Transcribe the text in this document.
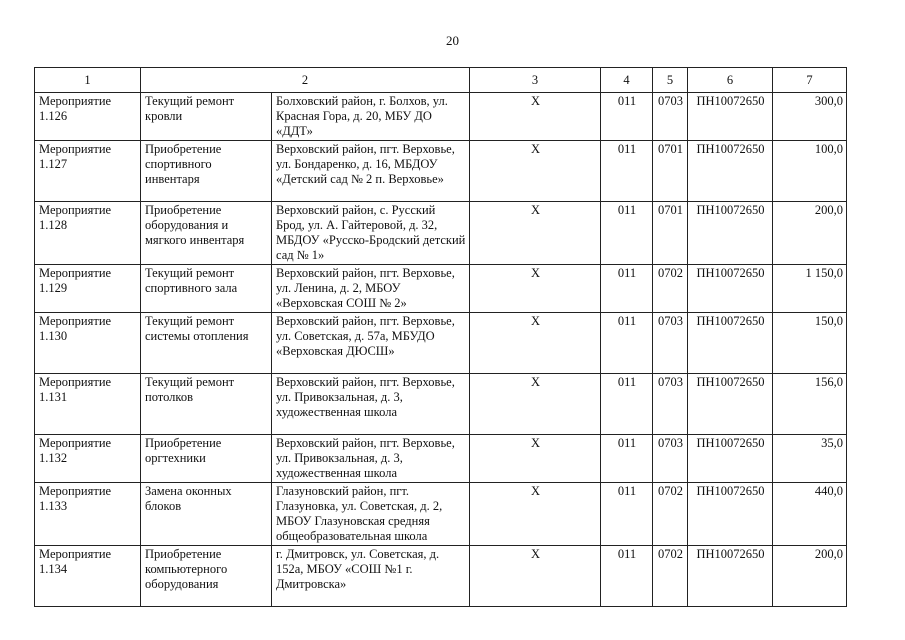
20
1	2		3	4	5	6	7
Мероприятие 1.126	Текущий ремонт кровли	Болховский район, г. Болхов, ул. Красная Гора, д. 20, МБУ ДО «ДДТ»	X	011	0703	ПН10072650	300,0
Мероприятие 1.127	Приобретение спортивного инвентаря	Верховский район, пгт. Верховье, ул. Бондаренко, д. 16, МБДОУ «Детский сад № 2 п. Верховье»	X	011	0701	ПН10072650	100,0
Мероприятие 1.128	Приобретение оборудования и мягкого инвентаря	Верховский район, с. Русский Брод, ул. А. Гайтеровой, д. 32, МБДОУ «Русско-Бродский детский сад № 1»	X	011	0701	ПН10072650	200,0
Мероприятие 1.129	Текущий ремонт спортивного зала	Верховский район, пгт. Верховье, ул. Ленина, д. 2, МБОУ «Верховская СОШ № 2»	X	011	0702	ПН10072650	1 150,0
Мероприятие 1.130	Текущий ремонт системы отопления	Верховский район, пгт. Верховье, ул. Советская, д. 57а, МБУДО «Верховская ДЮСШ»	X	011	0703	ПН10072650	150,0
Мероприятие 1.131	Текущий ремонт потолков	Верховский район, пгт. Верховье, ул. Привокзальная, д. 3, художественная школа	X	011	0703	ПН10072650	156,0
Мероприятие 1.132	Приобретение оргтехники	Верховский район, пгт. Верховье, ул. Привокзальная, д. 3, художественная школа	X	011	0703	ПН10072650	35,0
Мероприятие 1.133	Замена оконных блоков	Глазуновский район, пгт. Глазуновка, ул. Советская, д. 2, МБОУ Глазуновская средняя общеобразовательная школа	X	011	0702	ПН10072650	440,0
Мероприятие 1.134	Приобретение компьютерного оборудования	г. Дмитровск, ул. Советская, д. 152а, МБОУ «СОШ №1 г. Дмитровска»	X	011	0702	ПН10072650	200,0
